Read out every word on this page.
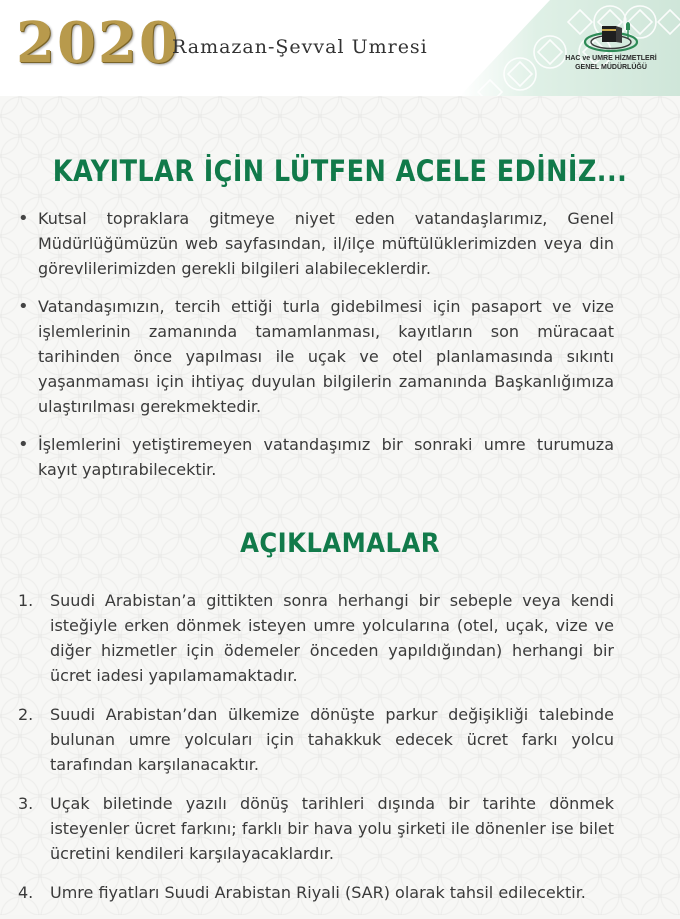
2020
Ramazan-Şevval Umresi
HAC ve UMRE HİZMETLERİ
GENEL MÜDÜRLÜĞÜ
KAYITLAR İÇİN LÜTFEN ACELE EDİNİZ...
• Kutsal topraklara gitmeye niyet eden vatandaşlarımız, Genel Müdürlüğümüzün web sayfasından, il/ilçe müftülüklerimizden veya din görevlilerimizden gerekli bilgileri alabileceklerdir.
• Vatandaşımızın, tercih ettiği turla gidebilmesi için pasaport ve vize işlemlerinin zamanında tamamlanması, kayıtların son müracaat tarihinden önce yapılması ile uçak ve otel planlamasında sıkıntı yaşanmaması için ihtiyaç duyulan bilgilerin zamanında Başkanlığımıza ulaştırılması gerekmektedir.
• İşlemlerini yetiştiremeyen vatandaşımız bir sonraki umre turumuza kayıt yaptırabilecektir.
AÇIKLAMALAR
1. Suudi Arabistan’a gittikten sonra herhangi bir sebeple veya kendi isteğiyle erken dönmek isteyen umre yolcularına (otel, uçak, vize ve diğer hizmetler için ödemeler önceden yapıldığından) herhangi bir ücret iadesi yapılamamaktadır.
2. Suudi Arabistan’dan ülkemize dönüşte parkur değişikliği talebinde bulunan umre yolcuları için tahakkuk edecek ücret farkı yolcu tarafından karşılanacaktır.
3. Uçak biletinde yazılı dönüş tarihleri dışında bir tarihte dönmek isteyenler ücret farkını; farklı bir hava yolu şirketi ile dönenler ise bilet ücretini kendileri karşılayacaklardır.
4. Umre fiyatları Suudi Arabistan Riyali (SAR) olarak tahsil edilecektir.
